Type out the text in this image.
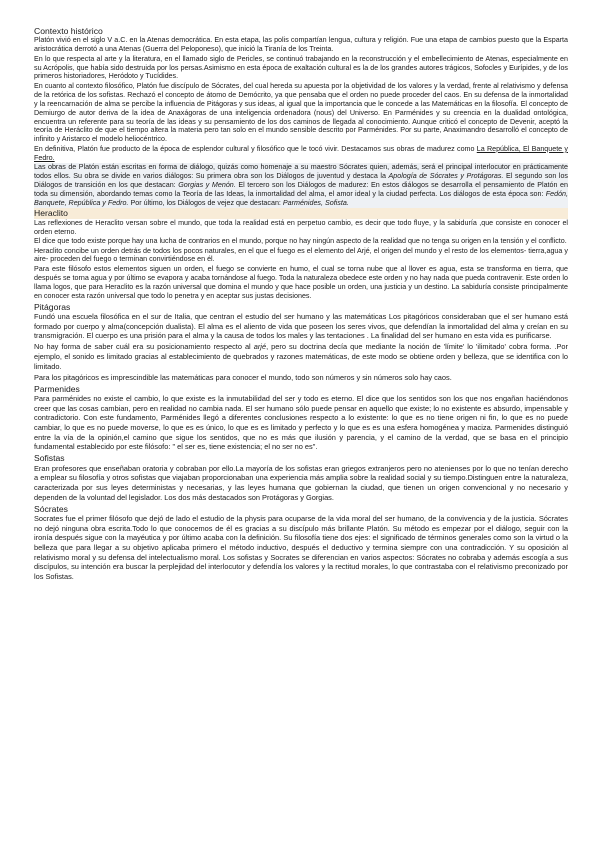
Contexto histórico

Platón vivió en el siglo V a.C. en la Atenas democrática. En esta etapa, las polis compartían lengua, cultura y religión. Fue una etapa de cambios puesto que la Esparta aristocrática derrotó a una Atenas (Guerra del Peloponeso), que inició la Tiranía de los Treinta.

En lo que respecta al arte y la literatura, en el llamado siglo de Pericles, se continuó trabajando en la reconstrucción y el embellecimiento de Atenas, especialmente en su Acrópolis, que había sido destruida por los persas.Asimismo en esta época de exaltación cultural es la de los grandes autores trágicos, Sofocles y Eurípides, y de los primeros historiadores, Heródoto y Tucídides.

En cuanto al contexto filosófico, Platón fue discípulo de Sócrates, del cual hereda su apuesta por la objetividad de los valores y la verdad, frente al relativismo y defensa de la retórica de los sofistas. Rechazó el concepto de átomo de Demócrito, ya que pensaba que el orden no puede proceder del caos. En su defensa de la inmortalidad y la reencarnación de alma se percibe la influencia de Pitágoras y sus ideas, al igual que la importancia que le concede a las Matemáticas en la filosofía. El concepto de Demiurgo de autor deriva de la idea de Anaxágoras de una inteligencia ordenadora (nous) del Universo. En Parménides y su creencia en la dualidad ontológica, encuentra un referente para su teoría de las ideas y su pensamiento de los dos caminos de llegada al conocimiento. Aunque criticó el concepto de Devenir, aceptó la teoría de Heráclito de que el tiempo altera la materia pero tan solo en el mundo sensible descrito por Parménides. Por su parte, Anaximandro desarrolló el concepto de infinito y Aristarco el modelo heliocéntrico.

En definitiva, Platón fue producto de la época de esplendor cultural y filosófico que le tocó vivir. Destacamos sus obras de madurez como La República, El Banquete y Fedro.

Las obras de Platón están escritas en forma de diálogo, quizás como homenaje a su maestro Sócrates quien, además, será el principal interlocutor en prácticamente todos ellos. Su obra se divide en varios diálogos: Su primera obra son los Diálogos de juventud y destaca la Apología de Sócrates y Protágoras. El segundo son los Diálogos de transición en los que destacan: Gorgias y Menón. El tercero son los Diálogos de madurez: En estos diálogos se desarrolla el pensamiento de Platón en toda su dimensión, abordando temas como la Teoría de las Ideas, la inmortalidad del alma, el amor ideal y la ciudad perfecta. Los diálogos de esta época son: Fedón, Banquete, República y Fedro. Por último, los Diálogos de vejez que destacan: Parménides, Sofista.

Heraclito

Las reflexiones de Heraclito versan sobre el mundo, que toda la realidad está en perpetuo cambio, es decir que todo fluye, y la sabiduría ,que consiste en conocer el orden eterno.

El dice que todo existe porque hay una lucha de contrarios en el mundo, porque no hay ningún aspecto de la realidad que no tenga su origen en la tensión y el conflicto.

Heraclito concibe un orden detrás de todos los pocos naturales, en el que el fuego es el elemento del Arjé, el origen del mundo y el resto de los elementos- tierra,agua y aire- proceden del fuego o terminan convirtiéndose en él.

Para este filósofo estos elementos siguen un orden, el fuego se convierte en humo, el cual se torna nube que al llover es agua, esta se transforma en tierra, que después se torna agua y por último se evapora y acaba tornándose al fuego. Toda la naturaleza obedece este orden y no hay nada que pueda contravenir. Este orden lo llama logos, que para Heraclito es la razón universal que domina el mundo y que hace posible un orden, una justicia y un destino. La sabiduría consiste principalmente en conocer esta razón universal que todo lo penetra y en aceptar sus justas decisiones.

Pitágoras

Fundó una escuela filosófica en el sur de Italia, que centran el estudio del ser humano y las matemáticas Los pitagóricos consideraban que el ser humano está formado por cuerpo y alma(concepción dualista). El alma es el aliento de vida que poseen los seres vivos, que defendían la inmortalidad del alma y creían en su transmigración. El cuerpo es una prisión para el alma y la causa de todos los males y las tentaciones . La finalidad del ser humano en esta vida es purificarse.

No hay forma de saber cuál era su posicionamiento respecto al arjé, pero su doctrina decía que mediante la noción de 'límite' lo 'ilimitado' cobra forma. .Por ejemplo, el sonido es limitado gracias al establecimiento de quebrados y razones matemáticas, de este modo se obtiene orden y belleza, que se identifica con lo limitado.

Para los pitagóricos es imprescindible las matemáticas para conocer el mundo, todo son números y sin números solo hay caos.

Parmenides

Para parménides no existe el cambio, lo que existe es la inmutabilidad del ser y todo es eterno. El dice que los sentidos son los que nos engañan haciéndonos creer que las cosas cambian, pero en realidad no cambia nada. El ser humano sólo puede pensar en aquello que existe; lo no existente es absurdo, impensable y contradictorio. Con este fundamento, Parménides llegó a diferentes conclusiones respecto a lo existente: lo que es no tiene origen ni fin, lo que es no puede cambiar, lo que es no puede moverse, lo que es es único, lo que es es limitado y perfecto y lo que es es una esfera homogénea y maciza. Parmenides distinguió entre la vía de la opinión,el camino que sigue los sentidos, que no es más que ilusión y parencia, y el camino de la verdad, que se basa en el principio fundamental establecido por este filósofo: " el ser es, tiene existencia; el no ser no es".

Sofistas

Eran profesores que enseñaban oratoria y cobraban por ello.La mayoría de los sofistas eran griegos extranjeros pero no atenienses por lo que no tenían derecho a emplear su filosofía y otros sofistas que viajaban proporcionaban una experiencia más amplia sobre la realidad social y su tiempo.Distinguen entre la naturaleza, caracterizada por sus leyes deterministas y necesarias, y las leyes humana que gobiernan la ciudad, que tienen un origen convencional y no necesario y dependen de la voluntad del legislador. Los dos más destacados son Protágoras y Gorgias.

Sócrates

Socrates fue el primer filósofo que dejó de lado el estudio de la physis para ocuparse de la vida moral del ser humano, de la convivencia y de la justicia. Sócrates no dejó ninguna obra escrita.Todo lo que conocemos de él es gracias a su discípulo más brillante Platón. Su método es empezar por el diálogo, seguir con la ironía después sigue con la mayéutica y por último acaba con la definición. Su filosofía tiene dos ejes: el significado de términos generales como son la virtud o la belleza que para llegar a su objetivo aplicaba primero el método inductivo, después el deductivo y termina siempre con una contradicción. Y su oposición al relativismo moral y su defensa del intelectualismo moral. Los sofistas y Socrates se diferencian en varios aspectos: Sócrates no cobraba y además escogía a sus discípulos, su intención era buscar la perplejidad del interlocutor y defendía los valores y la rectitud morales, lo que contrastaba con el relativismo preconizado por los Sofistas.
